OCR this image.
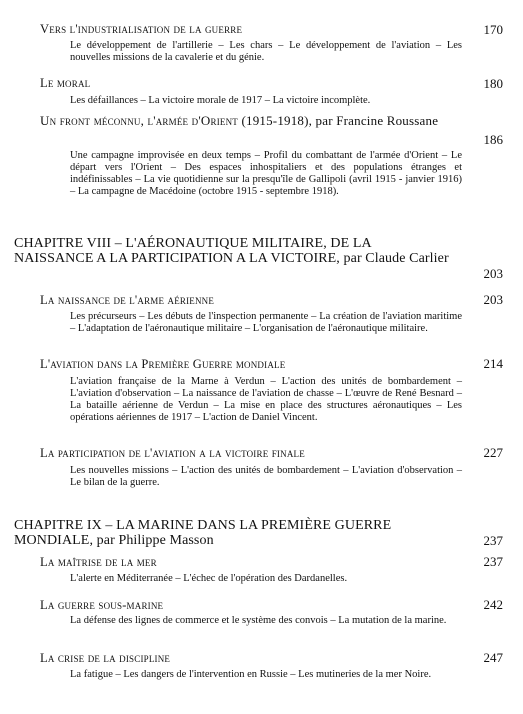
Vers l'industrialisation de la guerre	170
Le développement de l'artillerie – Les chars – Le développement de l'aviation – Les nouvelles missions de la cavalerie et du génie.
Le moral	180
Les défaillances – La victoire morale de 1917 – La victoire incomplète.
Un front méconnu, l'armée d'Orient (1915-1918), par Francine Roussane
186
Une campagne improvisée en deux temps – Profil du combattant de l'armée d'Orient – Le départ vers l'Orient – Des espaces inhospitaliers et des populations étranges et indéfinissables – La vie quotidienne sur la presqu'île de Gallipoli (avril 1915 - janvier 1916) – La campagne de Macédoine (octobre 1915 - septembre 1918).
CHAPITRE VIII – L'AÉRONAUTIQUE MILITAIRE, DE LA NAISSANCE A LA PARTICIPATION A LA VICTOIRE, par Claude Carlier
203
La naissance de l'arme aérienne	203
Les précurseurs – Les débuts de l'inspection permanente – La création de l'aviation maritime – L'adaptation de l'aéronautique militaire – L'organisation de l'aéronautique militaire.
L'aviation dans la Première Guerre mondiale	214
L'aviation française de la Marne à Verdun – L'action des unités de bombardement – L'aviation d'observation – La naissance de l'aviation de chasse – L'œuvre de René Besnard – La bataille aérienne de Verdun – La mise en place des structures aéronautiques – Les opérations aériennes de 1917 – L'action de Daniel Vincent.
La participation de l'aviation a la victoire finale	227
Les nouvelles missions – L'action des unités de bombardement – L'aviation d'observation – Le bilan de la guerre.
CHAPITRE IX – LA MARINE DANS LA PREMIÈRE GUERRE MONDIALE, par Philippe Masson	237
La maîtrise de la mer	237
L'alerte en Méditerranée – L'échec de l'opération des Dardanelles.
La guerre sous-marine	242
La défense des lignes de commerce et le système des convois – La mutation de la marine.
La crise de la discipline	247
La fatigue – Les dangers de l'intervention en Russie – Les mutineries de la mer Noire.
